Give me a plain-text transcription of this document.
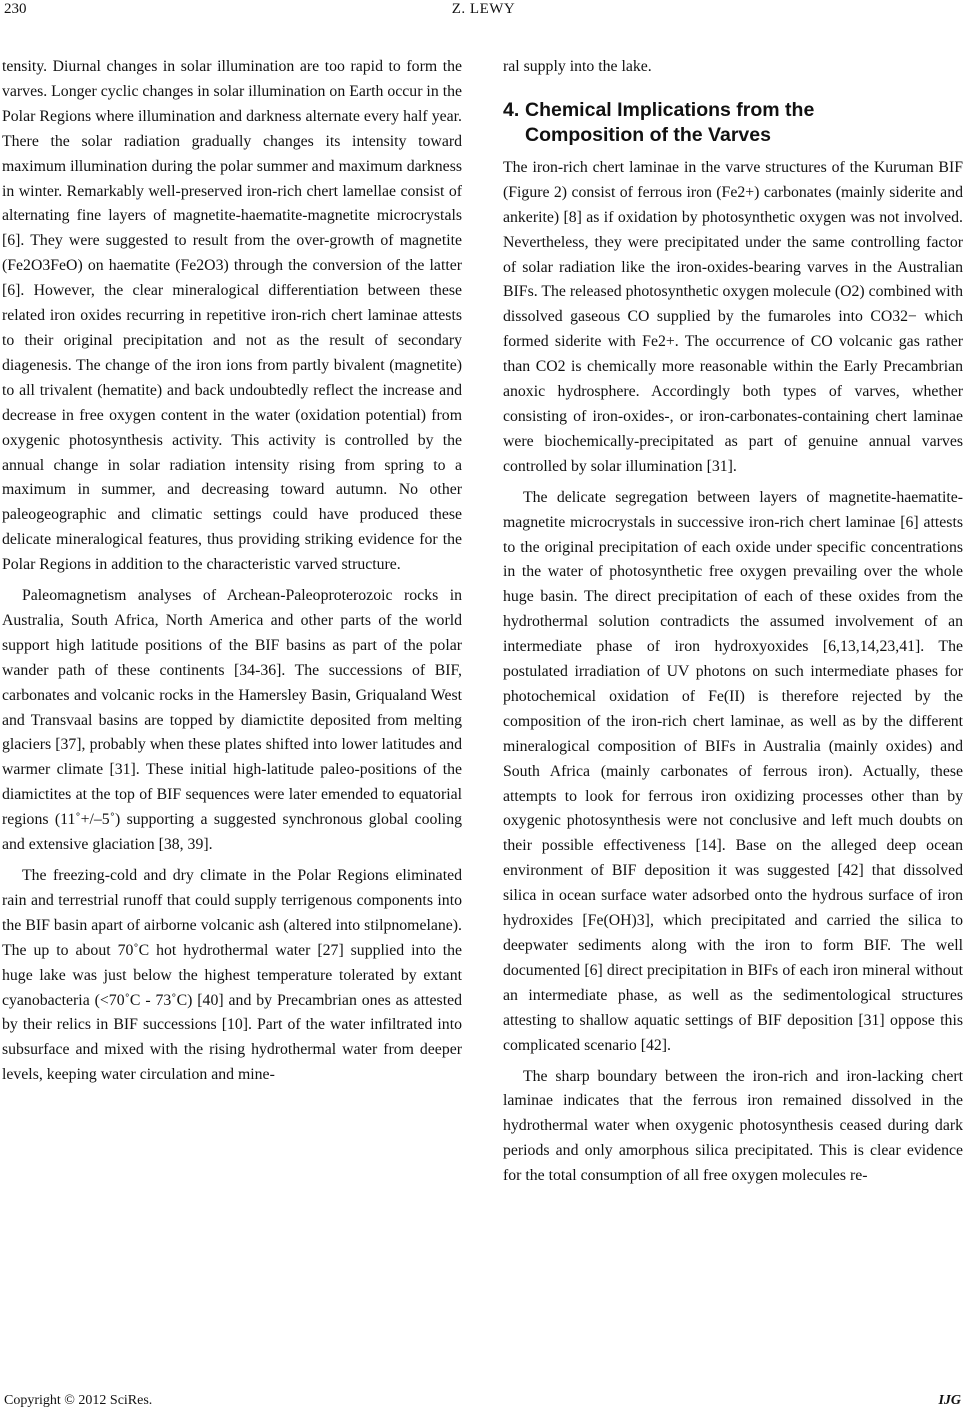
230	Z. LEWY

tensity. Diurnal changes in solar illumination are too rapid to form the varves. Longer cyclic changes in solar illumination on Earth occur in the Polar Regions where illumination and darkness alternate every half year. There the solar radiation gradually changes its intensity toward maximum illumination during the polar summer and maximum darkness in winter. Remarkably well-preserved iron-rich chert lamellae consist of alternating fine layers of magnetite-haematite-magnetite microcrystals [6]. They were suggested to result from the over-growth of magnetite (Fe2O3FeO) on haematite (Fe2O3) through the conversion of the latter [6]. However, the clear mineralogical differentiation between these related iron oxides recurring in repetitive iron-rich chert laminae attests to their original precipitation and not as the result of secondary diagenesis. The change of the iron ions from partly bivalent (magnetite) to all trivalent (hematite) and back undoubtedly reflect the increase and decrease in free oxygen content in the water (oxidation potential) from oxygenic photosynthesis activity. This activity is controlled by the annual change in solar radiation intensity rising from spring to a maximum in summer, and decreasing toward autumn. No other paleogeographic and climatic settings could have produced these delicate mineralogical features, thus providing striking evidence for the Polar Regions in addition to the characteristic varved structure.

Paleomagnetism analyses of Archean-Paleoproterozoic rocks in Australia, South Africa, North America and other parts of the world support high latitude positions of the BIF basins as part of the polar wander path of these continents [34-36]. The successions of BIF, carbonates and volcanic rocks in the Hamersley Basin, Griqualand West and Transvaal basins are topped by diamictite deposited from melting glaciers [37], probably when these plates shifted into lower latitudes and warmer climate [31]. These initial high-latitude paleo-positions of the diamictites at the top of BIF sequences were later emended to equatorial regions (11˚+/–5˚) supporting a suggested synchronous global cooling and extensive glaciation [38, 39].

The freezing-cold and dry climate in the Polar Regions eliminated rain and terrestrial runoff that could supply terrigenous components into the BIF basin apart of airborne volcanic ash (altered into stilpnomelane). The up to about 70˚C hot hydrothermal water [27] supplied into the huge lake was just below the highest temperature tolerated by extant cyanobacteria (<70˚C - 73˚C) [40] and by Precambrian ones as attested by their relics in BIF successions [10]. Part of the water infiltrated into subsurface and mixed with the rising hydrothermal water from deeper levels, keeping water circulation and mine-

ral supply into the lake.

4. Chemical Implications from the
Composition of the Varves

The iron-rich chert laminae in the varve structures of the Kuruman BIF (Figure 2) consist of ferrous iron (Fe2+) carbonates (mainly siderite and ankerite) [8] as if oxidation by photosynthetic oxygen was not involved. Nevertheless, they were precipitated under the same controlling factor of solar radiation like the iron-oxides-bearing varves in the Australian BIFs. The released photosynthetic oxygen molecule (O2) combined with dissolved gaseous CO supplied by the fumaroles into CO32− which formed siderite with Fe2+. The occurrence of CO volcanic gas rather than CO2 is chemically more reasonable within the Early Precambrian anoxic hydrosphere. Accordingly both types of varves, whether consisting of iron-oxides-, or iron-carbonates-containing chert laminae were biochemically-precipitated as part of genuine annual varves controlled by solar illumination [31].

The delicate segregation between layers of magnetite-haematite-magnetite microcrystals in successive iron-rich chert laminae [6] attests to the original precipitation of each oxide under specific concentrations in the water of photosynthetic free oxygen prevailing over the whole huge basin. The direct precipitation of each of these oxides from the hydrothermal solution contradicts the assumed involvement of an intermediate phase of iron hydroxyoxides [6,13,14,23,41]. The postulated irradiation of UV photons on such intermediate phases for photochemical oxidation of Fe(II) is therefore rejected by the composition of the iron-rich chert laminae, as well as by the different mineralogical composition of BIFs in Australia (mainly oxides) and South Africa (mainly carbonates of ferrous iron). Actually, these attempts to look for ferrous iron oxidizing processes other than by oxygenic photosynthesis were not conclusive and left much doubts on their possible effectiveness [14]. Base on the alleged deep ocean environment of BIF deposition it was suggested [42] that dissolved silica in ocean surface water adsorbed onto the hydrous surface of iron hydroxides [Fe(OH)3], which precipitated and carried the silica to deepwater sediments along with the iron to form BIF. The well documented [6] direct precipitation in BIFs of each iron mineral without an intermediate phase, as well as the sedimentological structures attesting to shallow aquatic settings of BIF deposition [31] oppose this complicated scenario [42].

The sharp boundary between the iron-rich and iron-lacking chert laminae indicates that the ferrous iron remained dissolved in the hydrothermal water when oxygenic photosynthesis ceased during dark periods and only amorphous silica precipitated. This is clear evidence for the total consumption of all free oxygen molecules re-

Copyright © 2012 SciRes.	IJG
